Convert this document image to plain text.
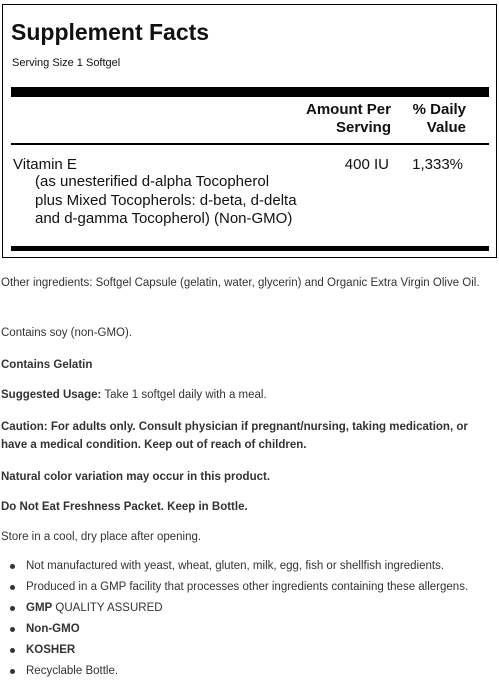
Supplement Facts
Serving Size 1 Softgel
Amount Per Serving
% Daily Value
Vitamin E
(as unesterified d-alpha Tocopherol plus Mixed Tocopherols: d-beta, d-delta and d-gamma Tocopherol) (Non-GMO)
400 IU 1,333%

Other ingredients: Softgel Capsule (gelatin, water, glycerin) and Organic Extra Virgin Olive Oil.

Contains soy (non-GMO).

Contains Gelatin

Suggested Usage: Take 1 softgel daily with a meal.

Caution: For adults only. Consult physician if pregnant/nursing, taking medication, or have a medical condition. Keep out of reach of children.

Natural color variation may occur in this product.

Do Not Eat Freshness Packet. Keep in Bottle.

Store in a cool, dry place after opening.

Not manufactured with yeast, wheat, gluten, milk, egg, fish or shellfish ingredients.
Produced in a GMP facility that processes other ingredients containing these allergens.
GMP QUALITY ASSURED
Non-GMO
KOSHER
Recyclable Bottle.
